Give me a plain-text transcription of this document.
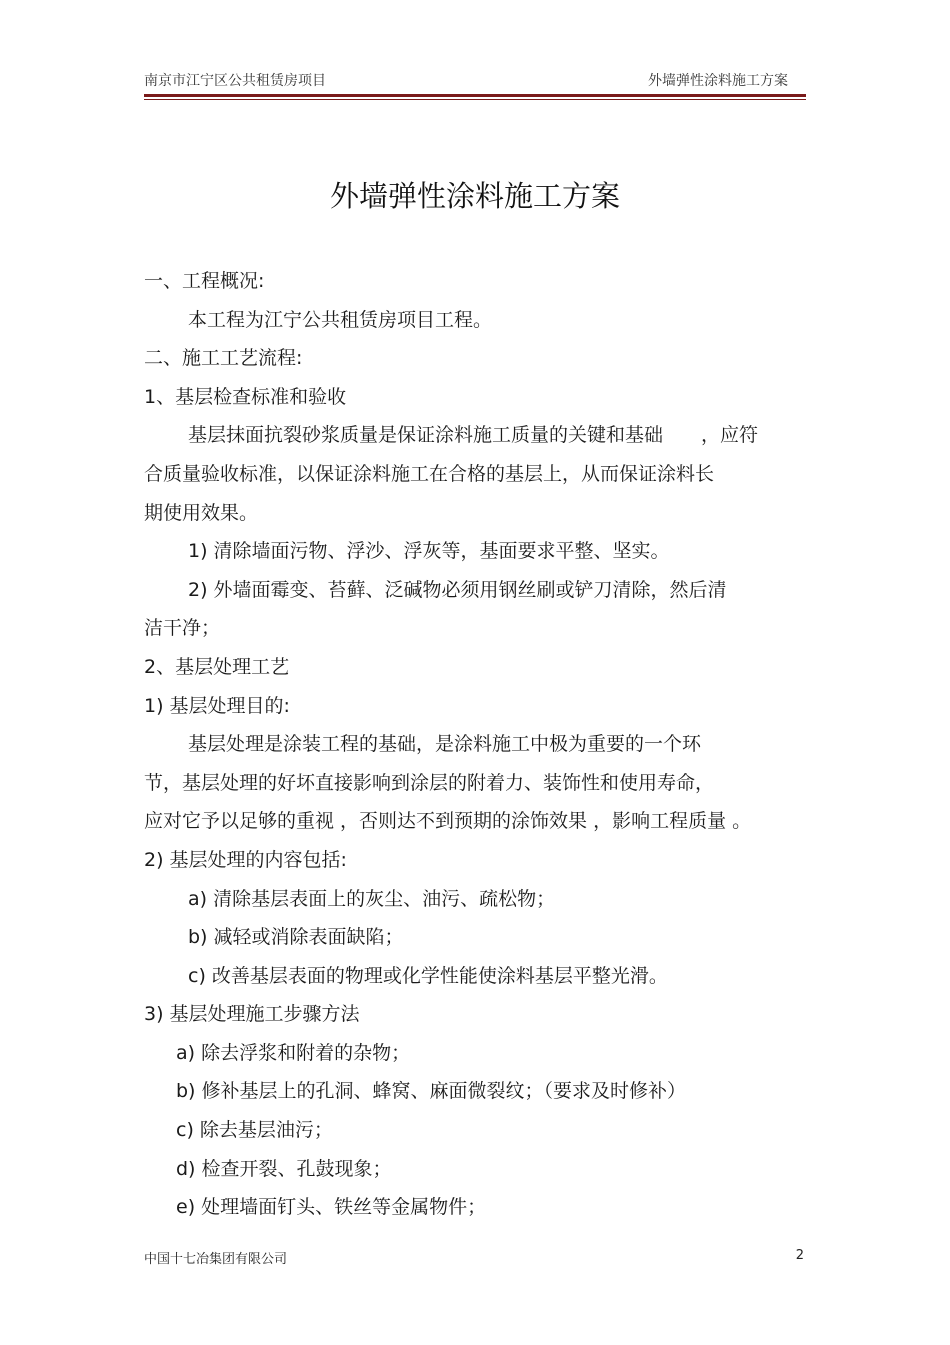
南京市江宁区公共租赁房项目	外墙弹性涂料施工方案
外墙弹性涂料施工方案
一、工程概况:
本工程为江宁公共租赁房项目工程。
二、施工工艺流程:
1、基层检查标准和验收
基层抹面抗裂砂浆质量是保证涂料施工质量的关键和基础　　，应符
合质量验收标准，以保证涂料施工在合格的基层上，从而保证涂料长
期使用效果。
1) 清除墙面污物、浮沙、浮灰等，基面要求平整、坚实。
2) 外墙面霉变、苔藓、泛碱物必须用钢丝刷或铲刀清除，然后清
洁干净；
2、基层处理工艺
1) 基层处理目的:
基层处理是涂装工程的基础，是涂料施工中极为重要的一个环
节，基层处理的好坏直接影响到涂层的附着力、装饰性和使用寿命，
应对它予以足够的重视 ，否则达不到预期的涂饰效果 ，影响工程质量 。
2) 基层处理的内容包括:
a) 清除基层表面上的灰尘、油污、疏松物；
b) 减轻或消除表面缺陷；
c) 改善基层表面的物理或化学性能使涂料基层平整光滑。
3) 基层处理施工步骤方法
a) 除去浮浆和附着的杂物；
b) 修补基层上的孔洞、蜂窝、麻面微裂纹；（要求及时修补）
c) 除去基层油污；
d) 检查开裂、孔鼓现象；
e) 处理墙面钉头、铁丝等金属物件；
中国十七冶集团有限公司	2
